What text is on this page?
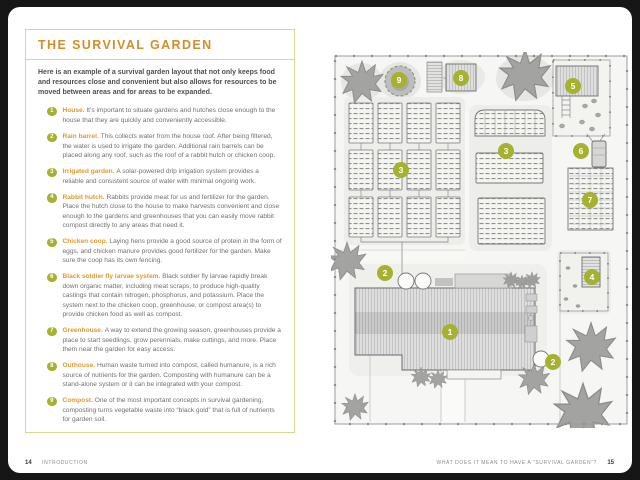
THE SURVIVAL GARDEN

Here is an example of a survival garden layout that not only keeps food and resources close and convenient but also allows for resources to be moved between areas and for areas to be expanded.

1	House. It’s important to situate gardens and hutches close enough to the house that they are quickly and conveniently accessible.

2	Rain barrel. This collects water from the house roof. After being filtered, the water is used to irrigate the garden. Additional rain barrels can be placed along any roof, such as the roof of a rabbit hutch or chicken coop.

3	Irrigated garden. A solar-powered drip irrigation system provides a reliable and consistent source of water with minimal ongoing work.

4	Rabbit hutch. Rabbits provide meat for us and fertilizer for the garden. Place the hutch close to the house to make harvests convenient and close enough to the gardens and greenhouses that you can easily move rabbit compost directly to any areas that need it.

5	Chicken coop. Laying hens provide a good source of protein in the form of eggs, and chicken manure provides good fertilizer for the garden. Make sure the coop has its own fencing.

6	Black soldier fly larvae system. Black soldier fly larvae rapidly break down organic matter, including meat scraps, to produce high-quality castings that contain nitrogen, phosphorus, and potassium. Place the system next to the chicken coop, greenhouse, or compost area(s) to provide chicken food as well as compost.

7	Greenhouse. A way to extend the growing season, greenhouses provide a place to start seedlings, grow perennials, make cuttings, and more. Place them near the garden for easy access.

8	Outhouse. Human waste turned into compost, called humanure, is a rich source of nutrients for the garden. Composting with humanure can be a stand-alone system or it can be integrated with your compost.

9	Compost. One of the most important concepts in survival gardening, composting turns vegetable waste into “black gold” that is full of nutrients for garden soil.

1
2
2
3
3
4
5
6
7
8
9
14 INTRODUCTION	WHAT DOES IT MEAN TO HAVE A “SURVIVAL GARDEN”? 15
